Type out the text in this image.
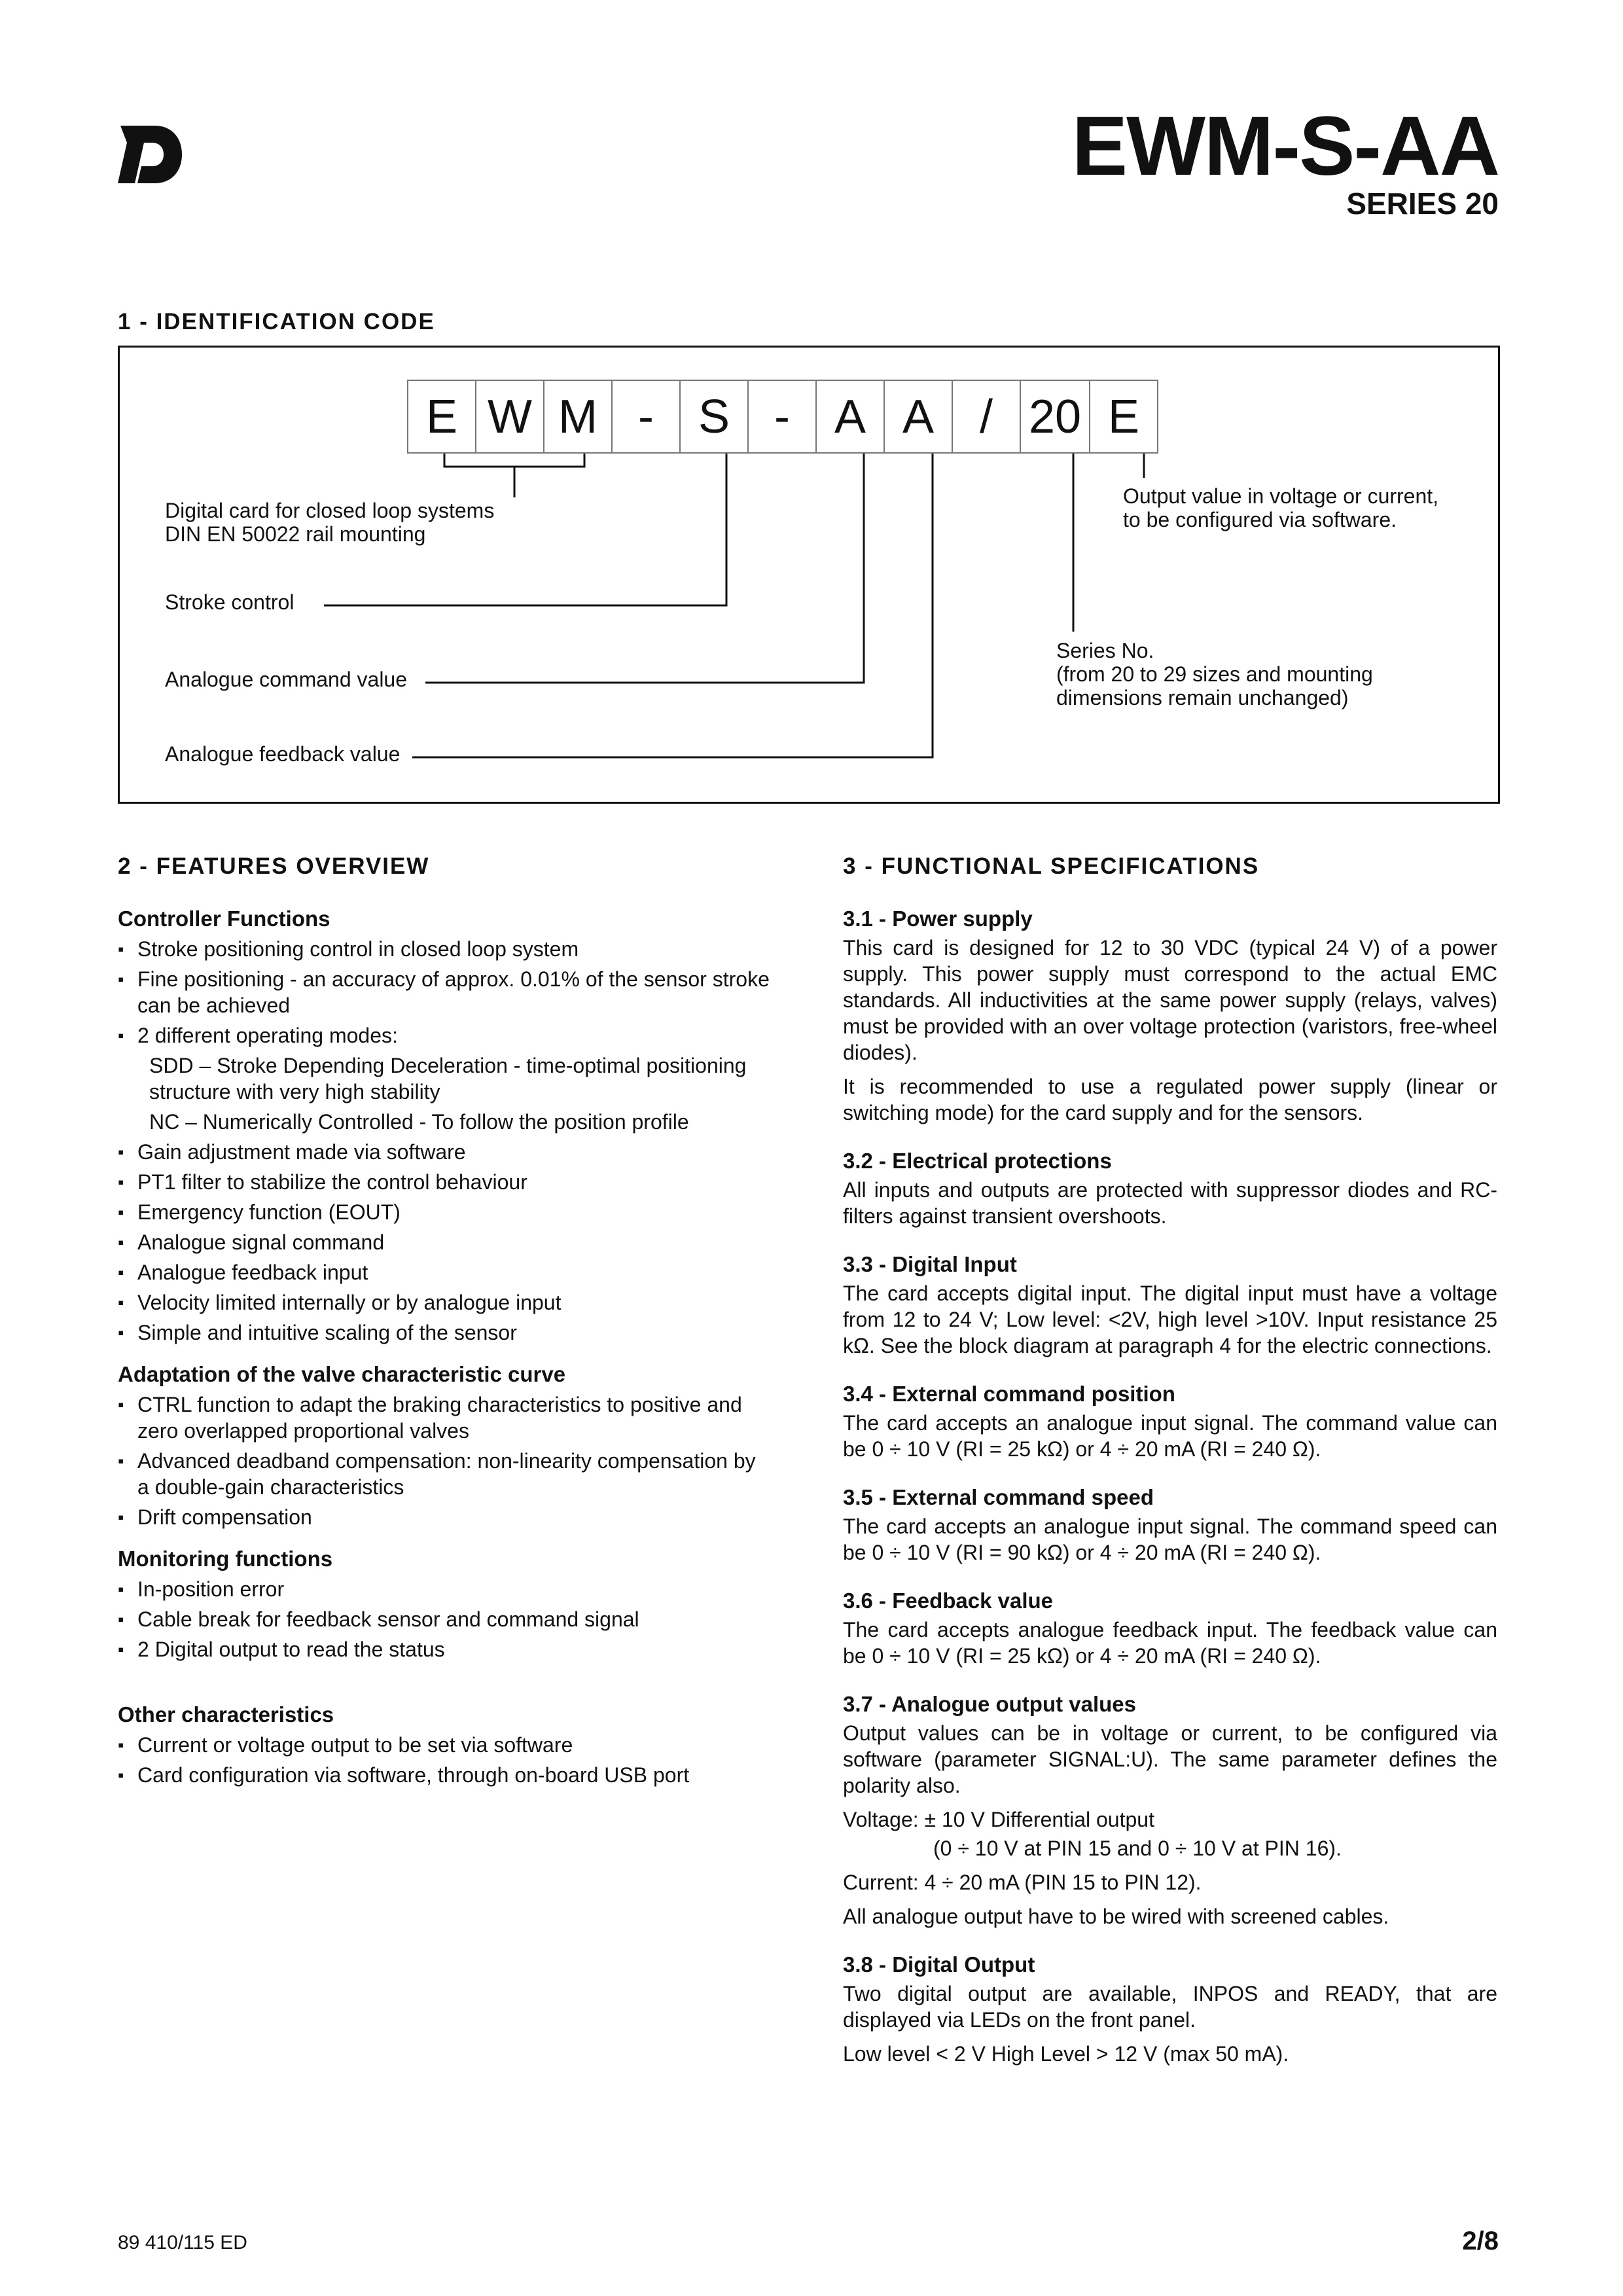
EWM-S-AA
SERIES 20
1 - IDENTIFICATION CODE
E W M - S - A A / 20 E
Digital card for closed loop systems
DIN EN 50022 rail mounting
Stroke control
Analogue command value
Analogue feedback value
Output value in voltage or current,
to be configured via software.
Series No.
(from 20 to 29 sizes and mounting
dimensions remain unchanged)
2 - FEATURES OVERVIEW

Controller Functions

▪ Stroke positioning control in closed loop system
▪ Fine positioning - an accuracy of approx. 0.01% of the sensor stroke can be achieved
▪ 2 different operating modes:
SDD – Stroke Depending Deceleration - time-optimal positioning structure with very high stability
NC – Numerically Controlled - To follow the position profile
▪ Gain adjustment made via software
▪ PT1 filter to stabilize the control behaviour
▪ Emergency function (EOUT)
▪ Analogue signal command
▪ Analogue feedback input
▪ Velocity limited internally or by analogue input
▪ Simple and intuitive scaling of the sensor

Adaptation of the valve characteristic curve

▪ CTRL function to adapt the braking characteristics to positive and zero overlapped proportional valves
▪ Advanced deadband compensation: non-linearity compensation by a double-gain characteristics
▪ Drift compensation

Monitoring functions

▪ In-position error
▪ Cable break for feedback sensor and command signal
▪ 2 Digital output to read the status

Other characteristics

▪ Current or voltage output to be set via software
▪ Card configuration via software, through on-board USB port
3 - FUNCTIONAL SPECIFICATIONS

3.1 - Power supply

This card is designed for 12 to 30 VDC (typical 24 V) of a power supply. This power supply must correspond to the actual EMC standards. All inductivities at the same power supply (relays, valves) must be provided with an over voltage protection (varistors, free-wheel diodes).

It is recommended to use a regulated power supply (linear or switching mode) for the card supply and for the sensors.

3.2 - Electrical protections

All inputs and outputs are protected with suppressor diodes and RC-filters against transient overshoots.

3.3 - Digital Input

The card accepts digital input. The digital input must have a voltage from 12 to 24 V; Low level: <2V, high level >10V. Input resistance 25 kΩ. See the block diagram at paragraph 4 for the electric connections.

3.4 - External command position

The card accepts an analogue input signal. The command value can be 0 ÷ 10 V (RI = 25 kΩ) or 4 ÷ 20 mA (RI = 240 Ω).

3.5 - External command speed

The card accepts an analogue input signal. The command speed can be 0 ÷ 10 V (RI = 90 kΩ) or 4 ÷ 20 mA (RI = 240 Ω).

3.6 - Feedback value

The card accepts analogue feedback input. The feedback value can be 0 ÷ 10 V (RI = 25 kΩ) or 4 ÷ 20 mA (RI = 240 Ω).

3.7 - Analogue output values

Output values can be in voltage or current, to be configured via software (parameter SIGNAL:U). The same parameter defines the polarity also.

Voltage: ± 10 V Differential output

(0 ÷ 10 V at PIN 15 and 0 ÷ 10 V at PIN 16).

Current: 4 ÷ 20 mA (PIN 15 to PIN 12).

All analogue output have to be wired with screened cables.

3.8 - Digital Output

Two digital output are available, INPOS and READY, that are displayed via LEDs on the front panel.

Low level < 2 V High Level > 12 V (max 50 mA).

89 410/115 ED	2/8
